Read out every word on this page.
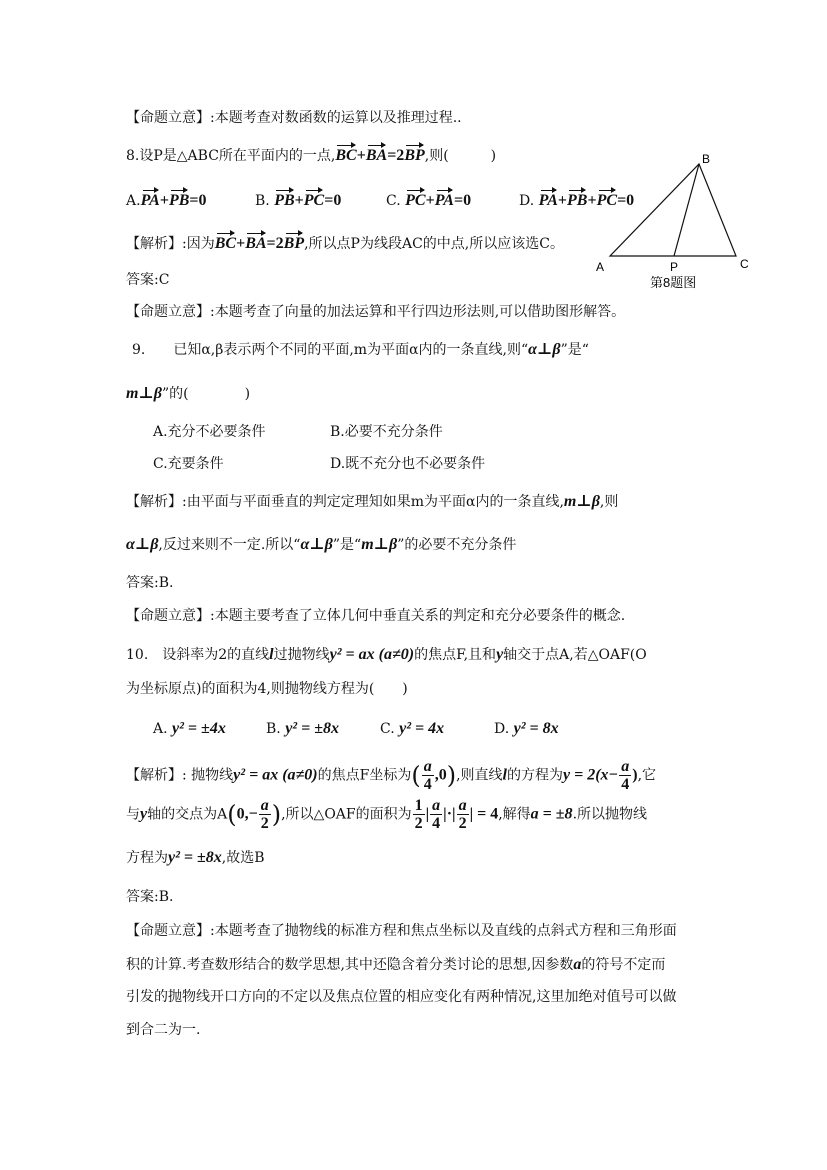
【命题立意】:本题考查对数函数的运算以及推理过程..
8.设P是△ABC所在平面内的一点,BC+BA=2BP,则(　　　)
A.PA+PB=0	B. PB+PC=0	C. PC+PA=0	D. PA+PB+PC=0
【解析】:因为BC+BA=2BP,所以点P为线段AC的中点,所以应该选C。
B
A	P	C
第8题图
答案:C
【命题立意】:本题考查了向量的加法运算和平行四边形法则,可以借助图形解答。
9.　　已知α,β表示两个不同的平面,m为平面α内的一条直线,则“α⊥β”是“
m⊥β”的(　　　　)
A.充分不必要条件	B.必要不充分条件
C.充要条件	D.既不充分也不必要条件
【解析】:由平面与平面垂直的判定定理知如果m为平面α内的一条直线,m⊥β,则
α⊥β,反过来则不一定.所以“α⊥β”是“m⊥β”的必要不充分条件
答案:B.
【命题立意】:本题主要考查了立体几何中垂直关系的判定和充分必要条件的概念.
10.　设斜率为2的直线l过抛物线y² = ax (a≠0)的焦点F,且和y轴交于点A,若△OAF(O
为坐标原点)的面积为4,则抛物线方程为(　　)
A. y² = ±4x	B. y² = ±8x	C. y² = 4x	D. y² = 8x
【解析】: 抛物线y² = ax (a≠0)的焦点F坐标为( $\frac{a}{4} ,0$),则直线l的方程为$y = 2(x- \frac{a}{4}$ ),它
与y轴的交点为$A(0,- \frac{a}{2}$ ),所以△OAF的面积为 $\frac{1}{2}$ | $\frac{a}{4}$ |·| $\frac{a}{2}$ | = 4,解得a = ±8.所以抛物线
方程为y² = ±8x,故选B
答案:B.
【命题立意】:本题考查了抛物线的标准方程和焦点坐标以及直线的点斜式方程和三角形面
积的计算.考查数形结合的数学思想,其中还隐含着分类讨论的思想,因参数a的符号不定而
引发的抛物线开口方向的不定以及焦点位置的相应变化有两种情况,这里加绝对值号可以做
到合二为一.
